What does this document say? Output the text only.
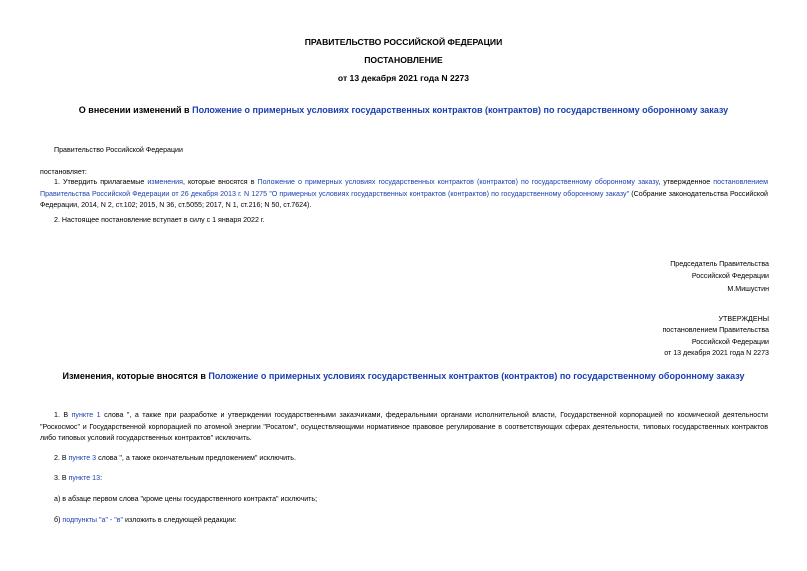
ПРАВИТЕЛЬСТВО РОССИЙСКОЙ ФЕДЕРАЦИИ
ПОСТАНОВЛЕНИЕ
от 13 декабря 2021 года N 2273
О внесении изменений в Положение о примерных условиях государственных контрактов (контрактов) по государственному оборонному заказу
Правительство Российской Федерации
постановляет:
1. Утвердить прилагаемые изменения, которые вносятся в Положение о примерных условиях государственных контрактов (контрактов) по государственному оборонному заказу, утвержденное постановлением Правительства Российской Федерации от 26 декабря 2013 г. N 1275 "О примерных условиях государственных контрактов (контрактов) по государственному оборонному заказу" (Собрание законодательства Российской Федерации, 2014, N 2, ст.102; 2015, N 36, ст.5055; 2017, N 1, ст.216; N 50, ст.7624).
2. Настоящее постановление вступает в силу с 1 января 2022 г.
Председатель Правительства
Российской Федерации
М.Мишустин
УТВЕРЖДЕНЫ
постановлением Правительства
Российской Федерации
от 13 декабря 2021 года N 2273
Изменения, которые вносятся в Положение о примерных условиях государственных контрактов (контрактов) по государственному оборонному заказу
1. В пункте 1 слова ", а также при разработке и утверждении государственными заказчиками, федеральными органами исполнительной власти, Государственной корпорацией по космической деятельности "Роскосмос" и Государственной корпорацией по атомной энергии "Росатом", осуществляющими нормативное правовое регулирование в соответствующих сферах деятельности, типовых государственных контрактов либо типовых условий государственных контрактов" исключить.
2. В пункте 3 слова ", а также окончательным предложением" исключить.
3. В пункте 13:
а) в абзаце первом слова "кроме цены государственного контракта" исключить;
б) подпункты "а" - "в" изложить в следующей редакции:
